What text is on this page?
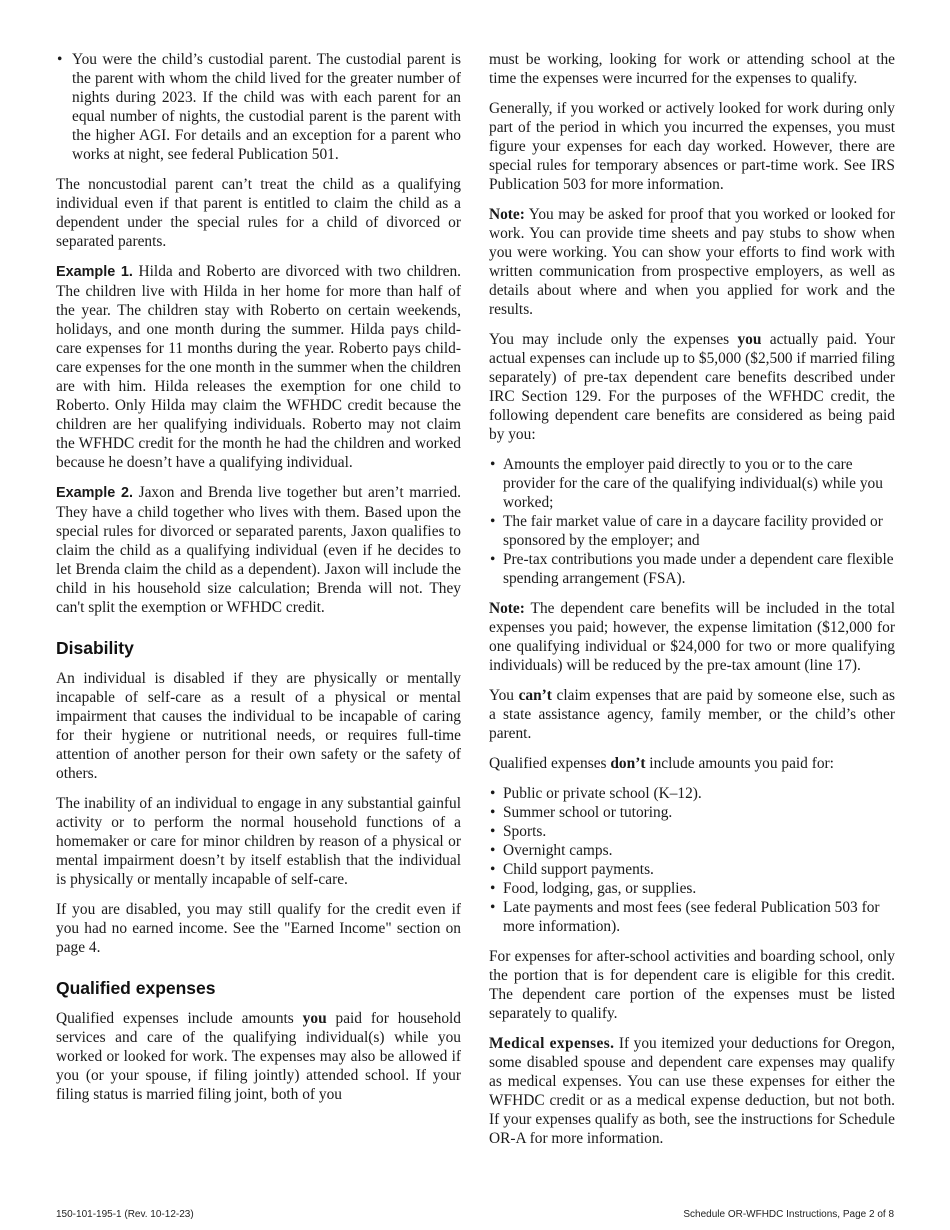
• You were the child’s custodial parent. The custodial parent is the parent with whom the child lived for the greater number of nights during 2023. If the child was with each parent for an equal number of nights, the custodial parent is the parent with the higher AGI. For details and an exception for a parent who works at night, see federal Publication 501.

The noncustodial parent can’t treat the child as a qualifying individual even if that parent is entitled to claim the child as a dependent under the special rules for a child of divorced or separated parents.

Example 1. Hilda and Roberto are divorced with two children. The children live with Hilda in her home for more than half of the year. The children stay with Roberto on certain weekends, holidays, and one month during the summer. Hilda pays child-care expenses for 11 months during the year. Roberto pays child-care expenses for the one month in the summer when the children are with him. Hilda releases the exemption for one child to Roberto. Only Hilda may claim the WFHDC credit because the children are her qualifying individuals. Roberto may not claim the WFHDC credit for the month he had the children and worked because he doesn’t have a qualifying individual.

Example 2. Jaxon and Brenda live together but aren’t married. They have a child together who lives with them. Based upon the special rules for divorced or separated parents, Jaxon qualifies to claim the child as a qualifying individual (even if he decides to let Brenda claim the child as a dependent). Jaxon will include the child in his household size calculation; Brenda will not. They can't split the exemption or WFHDC credit.

Disability

An individual is disabled if they are physically or mentally incapable of self-care as a result of a physical or mental impairment that causes the individual to be incapable of caring for their hygiene or nutritional needs, or requires full-time attention of another person for their own safety or the safety of others.

The inability of an individual to engage in any substantial gainful activity or to perform the normal household functions of a homemaker or care for minor children by reason of a physical or mental impairment doesn’t by itself establish that the individual is physically or mentally incapable of self-care.

If you are disabled, you may still qualify for the credit even if you had no earned income. See the "Earned Income" section on page 4.

Qualified expenses

Qualified expenses include amounts you paid for household services and care of the qualifying individual(s) while you worked or looked for work. The expenses may also be allowed if you (or your spouse, if filing jointly) attended school. If your filing status is married filing joint, both of you

must be working, looking for work or attending school at the time the expenses were incurred for the expenses to qualify.

Generally, if you worked or actively looked for work during only part of the period in which you incurred the expenses, you must figure your expenses for each day worked. However, there are special rules for temporary absences or part-time work. See IRS Publication 503 for more information.

Note: You may be asked for proof that you worked or looked for work. You can provide time sheets and pay stubs to show when you were working. You can show your efforts to find work with written communication from prospective employers, as well as details about where and when you applied for work and the results.

You may include only the expenses you actually paid. Your actual expenses can include up to $5,000 ($2,500 if married filing separately) of pre-tax dependent care benefits described under IRC Section 129. For the purposes of the WFHDC credit, the following dependent care benefits are considered as being paid by you:

• Amounts the employer paid directly to you or to the care provider for the care of the qualifying individual(s) while you worked;
• The fair market value of care in a daycare facility provided or sponsored by the employer; and
• Pre-tax contributions you made under a dependent care flexible spending arrangement (FSA).

Note: The dependent care benefits will be included in the total expenses you paid; however, the expense limitation ($12,000 for one qualifying individual or $24,000 for two or more qualifying individuals) will be reduced by the pre-tax amount (line 17).

You can’t claim expenses that are paid by someone else, such as a state assistance agency, family member, or the child’s other parent.

Qualified expenses don’t include amounts you paid for:

• Public or private school (K–12).
• Summer school or tutoring.
• Sports.
• Overnight camps.
• Child support payments.
• Food, lodging, gas, or supplies.
• Late payments and most fees (see federal Publication 503 for more information).

For expenses for after-school activities and boarding school, only the portion that is for dependent care is eligible for this credit. The dependent care portion of the expenses must be listed separately to qualify.

Medical expenses. If you itemized your deductions for Oregon, some disabled spouse and dependent care expenses may qualify as medical expenses. You can use these expenses for either the WFHDC credit or as a medical expense deduction, but not both. If your expenses qualify as both, see the instructions for Schedule OR-A for more information.

150-101-195-1 (Rev. 10-12-23)	Schedule OR-WFHDC Instructions, Page 2 of 8
